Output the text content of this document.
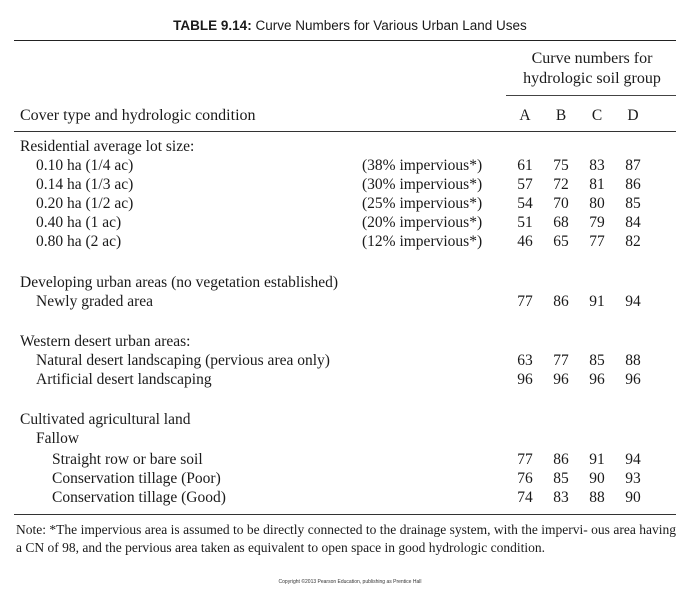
TABLE 9.14: Curve Numbers for Various Urban Land Uses
Curve numbers for
hydrologic soil group
Cover type and hydrologic condition	A	B	C	D
Residential average lot size:
0.10 ha (1/4 ac)	(38% impervious*)	61	75	83	87
0.14 ha (1/3 ac)	(30% impervious*)	57	72	81	86
0.20 ha (1/2 ac)	(25% impervious*)	54	70	80	85
0.40 ha (1 ac)	(20% impervious*)	51	68	79	84
0.80 ha (2 ac)	(12% impervious*)	46	65	77	82
Developing urban areas (no vegetation established)
Newly graded area	77	86	91	94
Western desert urban areas:
Natural desert landscaping (pervious area only)	63	77	85	88
Artificial desert landscaping	96	96	96	96
Cultivated agricultural land
Fallow
Straight row or bare soil	77	86	91	94
Conservation tillage (Poor)	76	85	90	93
Conservation tillage (Good)	74	83	88	90
Note: *The impervious area is assumed to be directly connected to the drainage system, with the impervi- ous area having a CN of 98, and the pervious area taken as equivalent to open space in good hydrologic condition.
Copyright ©2013 Pearson Education, publishing as Prentice Hall
